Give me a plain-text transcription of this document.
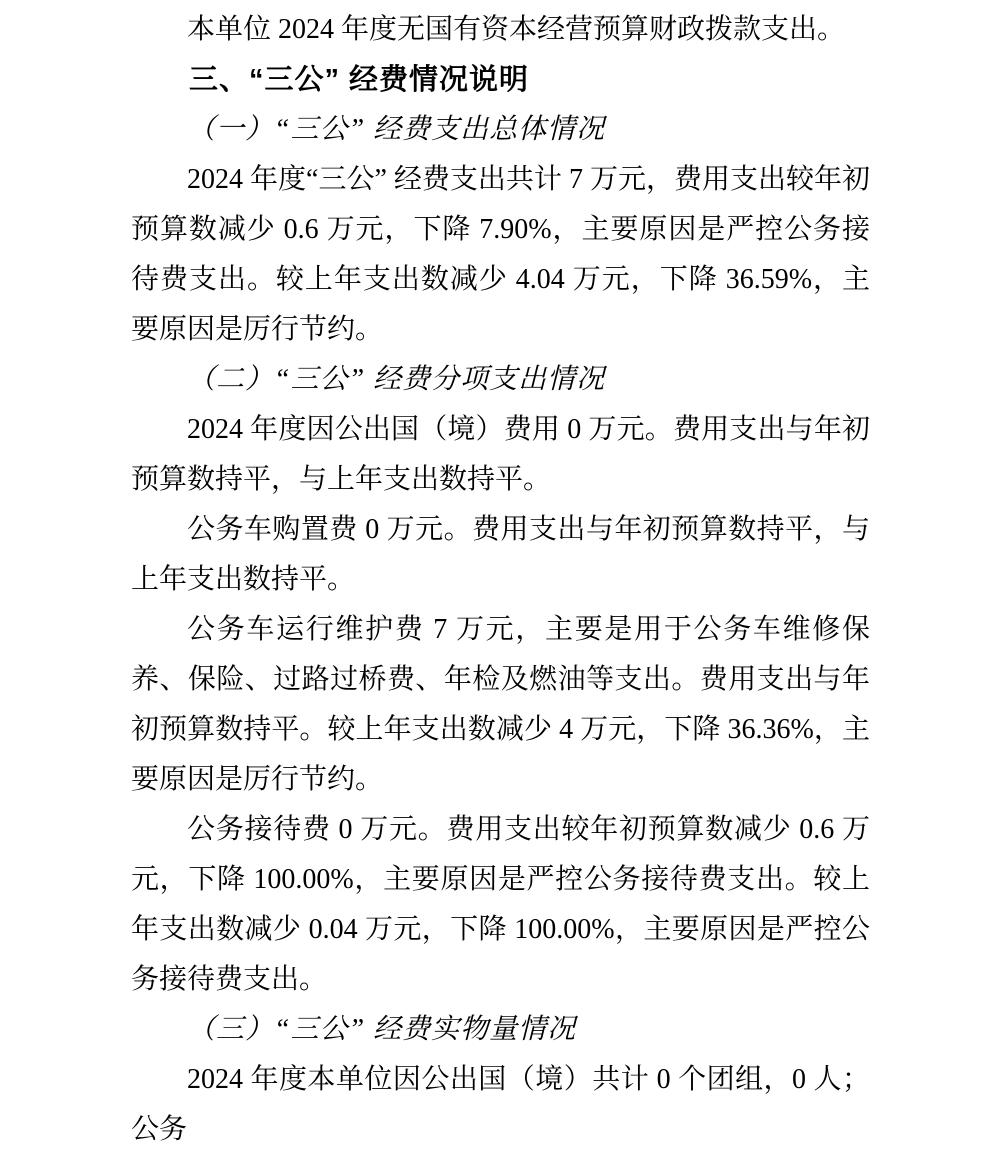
本单位 2024 年度无国有资本经营预算财政拨款支出。

三、“三公” 经费情况说明

（一）“三公” 经费支出总体情况

2024 年度“三公” 经费支出共计 7 万元，费用支出较年初预算数减少 0.6 万元，下降 7.90%，主要原因是严控公务接待费支出。较上年支出数减少 4.04 万元，下降 36.59%，主要原因是厉行节约。

（二）“三公” 经费分项支出情况

2024 年度因公出国（境）费用 0 万元。费用支出与年初预算数持平，与上年支出数持平。

公务车购置费 0 万元。费用支出与年初预算数持平，与上年支出数持平。

公务车运行维护费 7 万元，主要是用于公务车维修保养、保险、过路过桥费、年检及燃油等支出。费用支出与年初预算数持平。较上年支出数减少 4 万元，下降 36.36%，主要原因是厉行节约。

公务接待费 0 万元。费用支出较年初预算数减少 0.6 万元，下降 100.00%，主要原因是严控公务接待费支出。较上年支出数减少 0.04 万元，下降 100.00%，主要原因是严控公务接待费支出。

（三）“三公” 经费实物量情况

2024 年度本单位因公出国（境）共计 0 个团组，0 人；公务
